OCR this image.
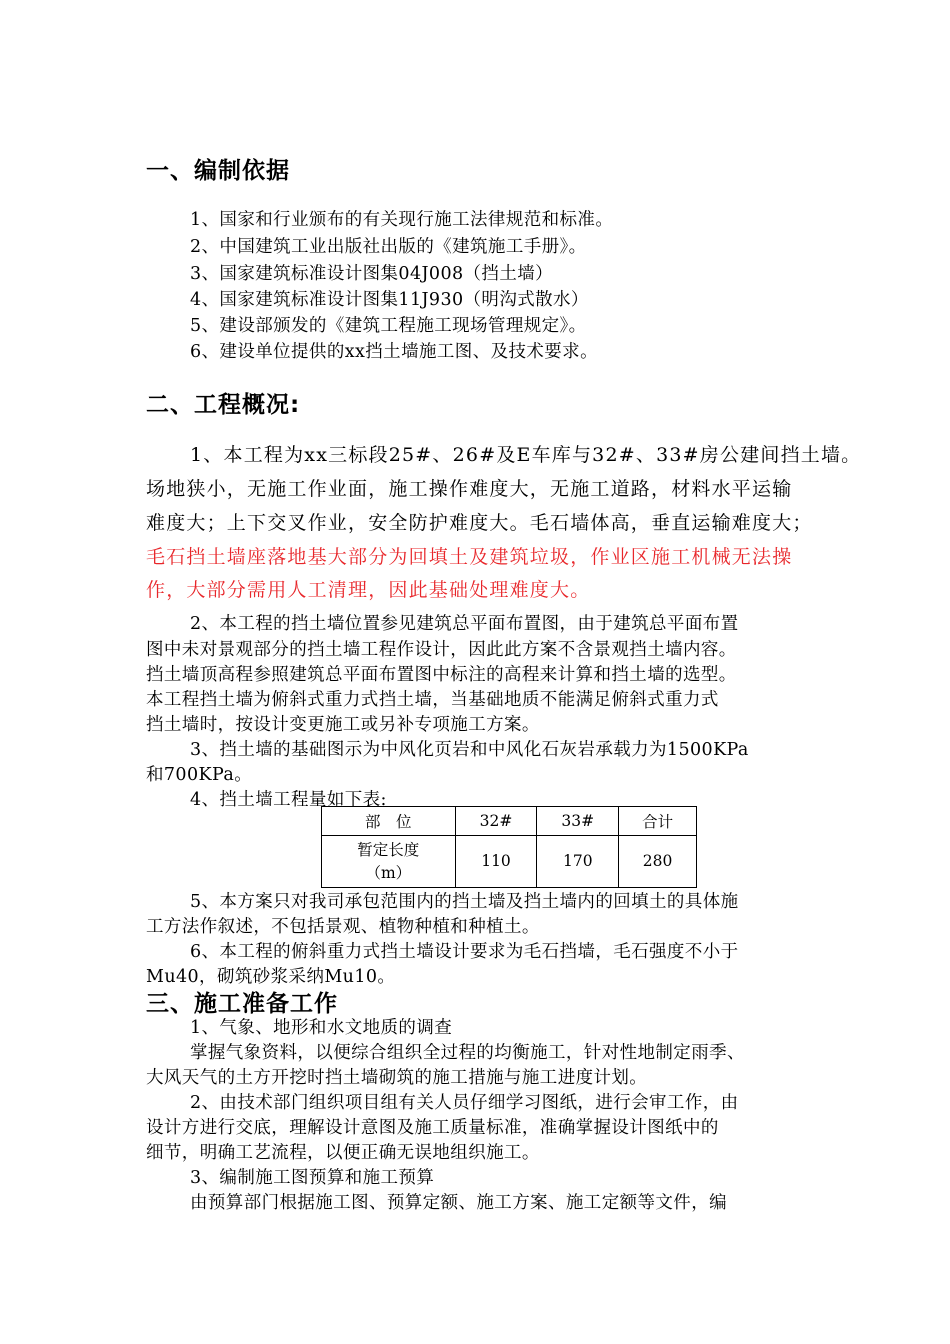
一、编制依据
1、国家和行业颁布的有关现行施工法律规范和标准。
2、中国建筑工业出版社出版的《建筑施工手册》。
3、国家建筑标准设计图集04J008（挡土墙）
4、国家建筑标准设计图集11J930（明沟式散水）
5、建设部颁发的《建筑工程施工现场管理规定》。
6、建设单位提供的xx挡土墙施工图、及技术要求。
二、工程概况:
1、本工程为xx三标段25#、26#及E车库与32#、33#房公建间挡土墙。
场地狭小，无施工作业面，施工操作难度大，无施工道路，材料水平运输
难度大；上下交叉作业，安全防护难度大。毛石墙体高，垂直运输难度大；
毛石挡土墙座落地基大部分为回填土及建筑垃圾，作业区施工机械无法操
作，大部分需用人工清理，因此基础处理难度大。
2、本工程的挡土墙位置参见建筑总平面布置图，由于建筑总平面布置
图中未对景观部分的挡土墙工程作设计，因此此方案不含景观挡土墙内容。
挡土墙顶高程参照建筑总平面布置图中标注的高程来计算和挡土墙的选型。
本工程挡土墙为俯斜式重力式挡土墙，当基础地质不能满足俯斜式重力式
挡土墙时，按设计变更施工或另补专项施工方案。
3、挡土墙的基础图示为中风化页岩和中风化石灰岩承载力为1500KPa
和700KPa。
4、挡土墙工程量如下表:
部　位	32#	33#	合计

暂定长度
（m）	110	170	280
5、本方案只对我司承包范围内的挡土墙及挡土墙内的回填土的具体施
工方法作叙述，不包括景观、植物种植和种植土。
6、本工程的俯斜重力式挡土墙设计要求为毛石挡墙，毛石强度不小于
Mu40，砌筑砂浆采纳Mu10。
三、施工准备工作
1、气象、地形和水文地质的调查
掌握气象资料，以便综合组织全过程的均衡施工，针对性地制定雨季、
大风天气的土方开挖时挡土墙砌筑的施工措施与施工进度计划。
2、由技术部门组织项目组有关人员仔细学习图纸，进行会审工作，由
设计方进行交底，理解设计意图及施工质量标准，准确掌握设计图纸中的
细节，明确工艺流程，以便正确无误地组织施工。
3、编制施工图预算和施工预算
由预算部门根据施工图、预算定额、施工方案、施工定额等文件，编
